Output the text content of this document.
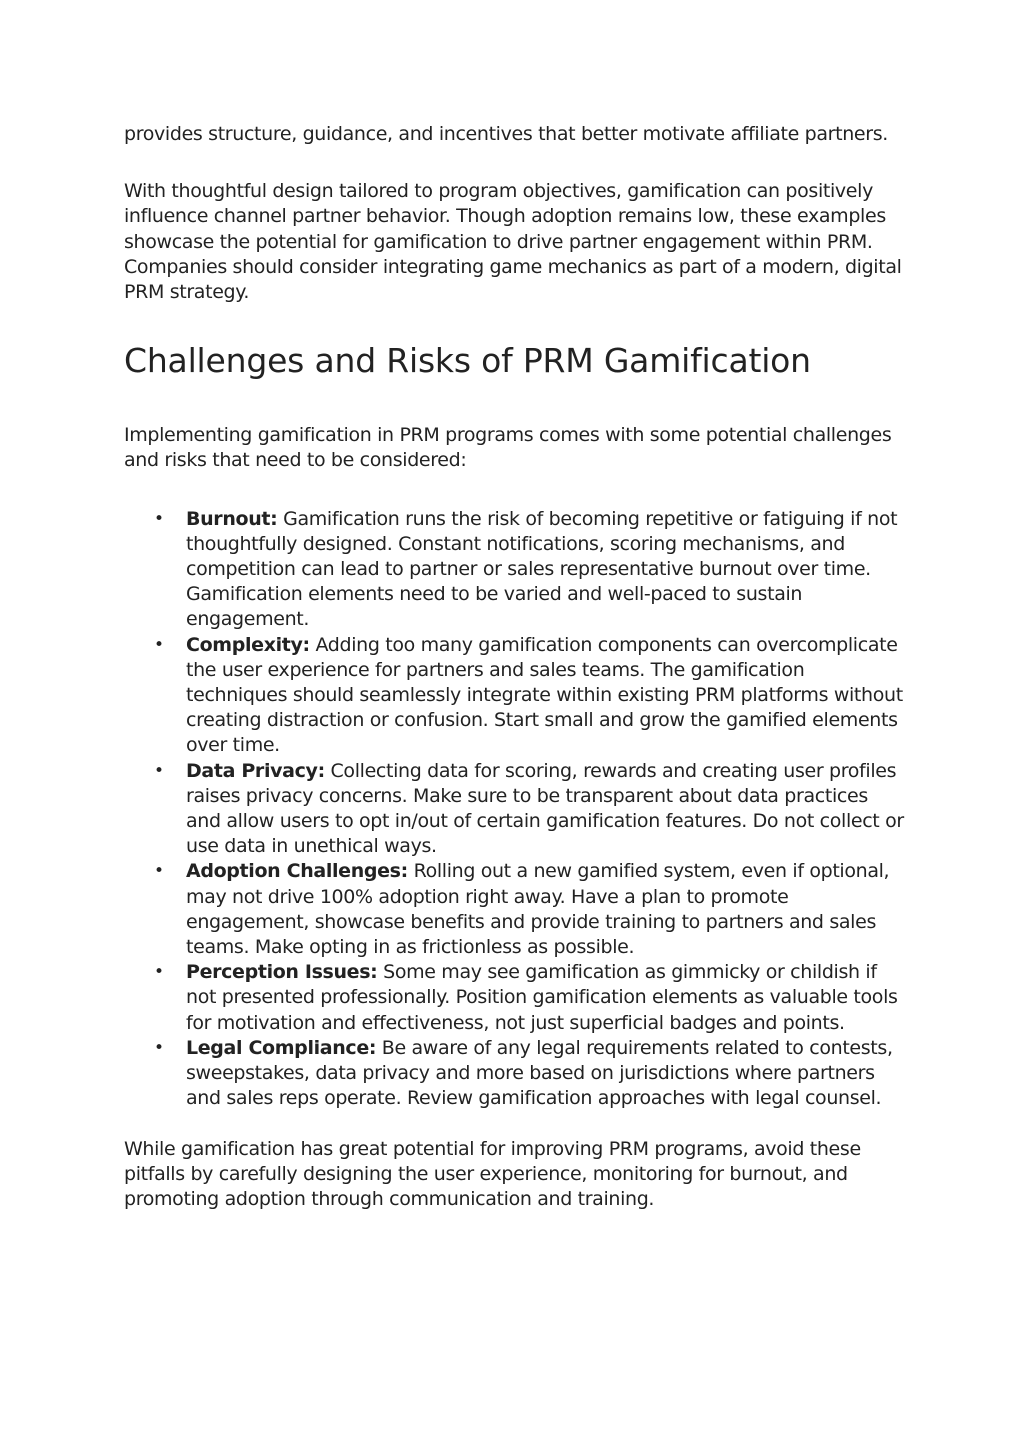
provides structure, guidance, and incentives that better motivate affiliate partners.

With thoughtful design tailored to program objectives, gamification can positively influence channel partner behavior. Though adoption remains low, these examples showcase the potential for gamification to drive partner engagement within PRM. Companies should consider integrating game mechanics as part of a modern, digital PRM strategy.

Challenges and Risks of PRM Gamification

Implementing gamification in PRM programs comes with some potential challenges and risks that need to be considered:

• Burnout: Gamification runs the risk of becoming repetitive or fatiguing if not thoughtfully designed. Constant notifications, scoring mechanisms, and competition can lead to partner or sales representative burnout over time. Gamification elements need to be varied and well-paced to sustain engagement.
• Complexity: Adding too many gamification components can overcomplicate the user experience for partners and sales teams. The gamification techniques should seamlessly integrate within existing PRM platforms without creating distraction or confusion. Start small and grow the gamified elements over time.
• Data Privacy: Collecting data for scoring, rewards and creating user profiles raises privacy concerns. Make sure to be transparent about data practices and allow users to opt in/out of certain gamification features. Do not collect or use data in unethical ways.
• Adoption Challenges: Rolling out a new gamified system, even if optional, may not drive 100% adoption right away. Have a plan to promote engagement, showcase benefits and provide training to partners and sales teams. Make opting in as frictionless as possible.
• Perception Issues: Some may see gamification as gimmicky or childish if not presented professionally. Position gamification elements as valuable tools for motivation and effectiveness, not just superficial badges and points.
• Legal Compliance: Be aware of any legal requirements related to contests, sweepstakes, data privacy and more based on jurisdictions where partners and sales reps operate. Review gamification approaches with legal counsel.

While gamification has great potential for improving PRM programs, avoid these pitfalls by carefully designing the user experience, monitoring for burnout, and promoting adoption through communication and training.
